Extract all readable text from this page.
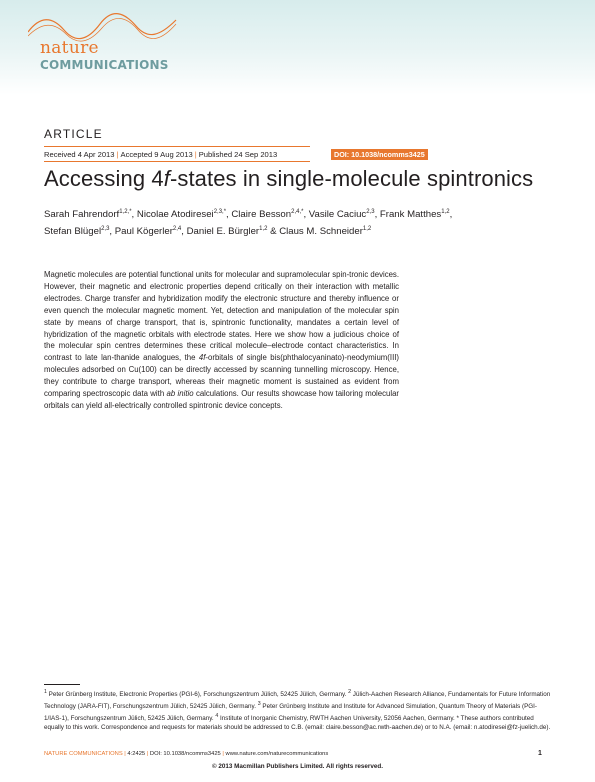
nature
COMMUNICATIONS
ARTICLE
Received 4 Apr 2013 | Accepted 9 Aug 2013 | Published 24 Sep 2013	DOI: 10.1038/ncomms3425
Accessing 4f-states in single-molecule spintronics
Sarah Fahrendorf$^{1,2,*}$, Nicolae Atodiresei$^{2,3,*}$, Claire Besson$^{2,4,*}$, Vasile Caciuc$^{2,3}$, Frank Matthes$^{1,2}$,
Stefan Blügel$^{2,3}$, Paul Kögerler$^{2,4}$, Daniel E. Bürgler$^{1,2}$ & Claus M. Schneider$^{1,2}$

Magnetic molecules are potential functional units for molecular and supramolecular spin-tronic devices. However, their magnetic and electronic properties depend critically on their interaction with metallic electrodes. Charge transfer and hybridization modify the electronic structure and thereby influence or even quench the molecular magnetic moment. Yet, detection and manipulation of the molecular spin state by means of charge transport, that is, spintronic functionality, mandates a certain level of hybridization of the magnetic orbitals with electrode states. Here we show how a judicious choice of the molecular spin centres determines these critical molecule–electrode contact characteristics. In contrast to late lan-thanide analogues, the 4f-orbitals of single bis(phthalocyaninato)-neodymium(III) molecules adsorbed on Cu(100) can be directly accessed by scanning tunnelling microscopy. Hence, they contribute to charge transport, whereas their magnetic moment is sustained as evident from comparing spectroscopic data with ab initio calculations. Our results showcase how tailoring molecular orbitals can yield all-electrically controlled spintronic device concepts.

$^1$ Peter Grünberg Institute, Electronic Properties (PGI-6), Forschungszentrum Jülich, 52425 Jülich, Germany. $^2$ Jülich-Aachen Research Alliance, Fundamentals for Future Information Technology (JARA-FIT), Forschungszentrum Jülich, 52425 Jülich, Germany. $^3$ Peter Grünberg Institute and Institute for Advanced Simulation, Quantum Theory of Materials (PGI-1/IAS-1), Forschungszentrum Jülich, 52425 Jülich, Germany. $^4$ Institute of Inorganic Chemistry, RWTH Aachen University, 52056 Aachen, Germany. * These authors contributed equally to this work. Correspondence and requests for materials should be addressed to C.B. (email: claire.besson@ac.rwth-aachen.de) or to N.A. (email: n.atodiresei@fz-juelich.de).

NATURE COMMUNICATIONS | 4:2425 | DOI: 10.1038/ncomms3425 | www.nature.com/naturecommunications	1
© 2013 Macmillan Publishers Limited. All rights reserved.
